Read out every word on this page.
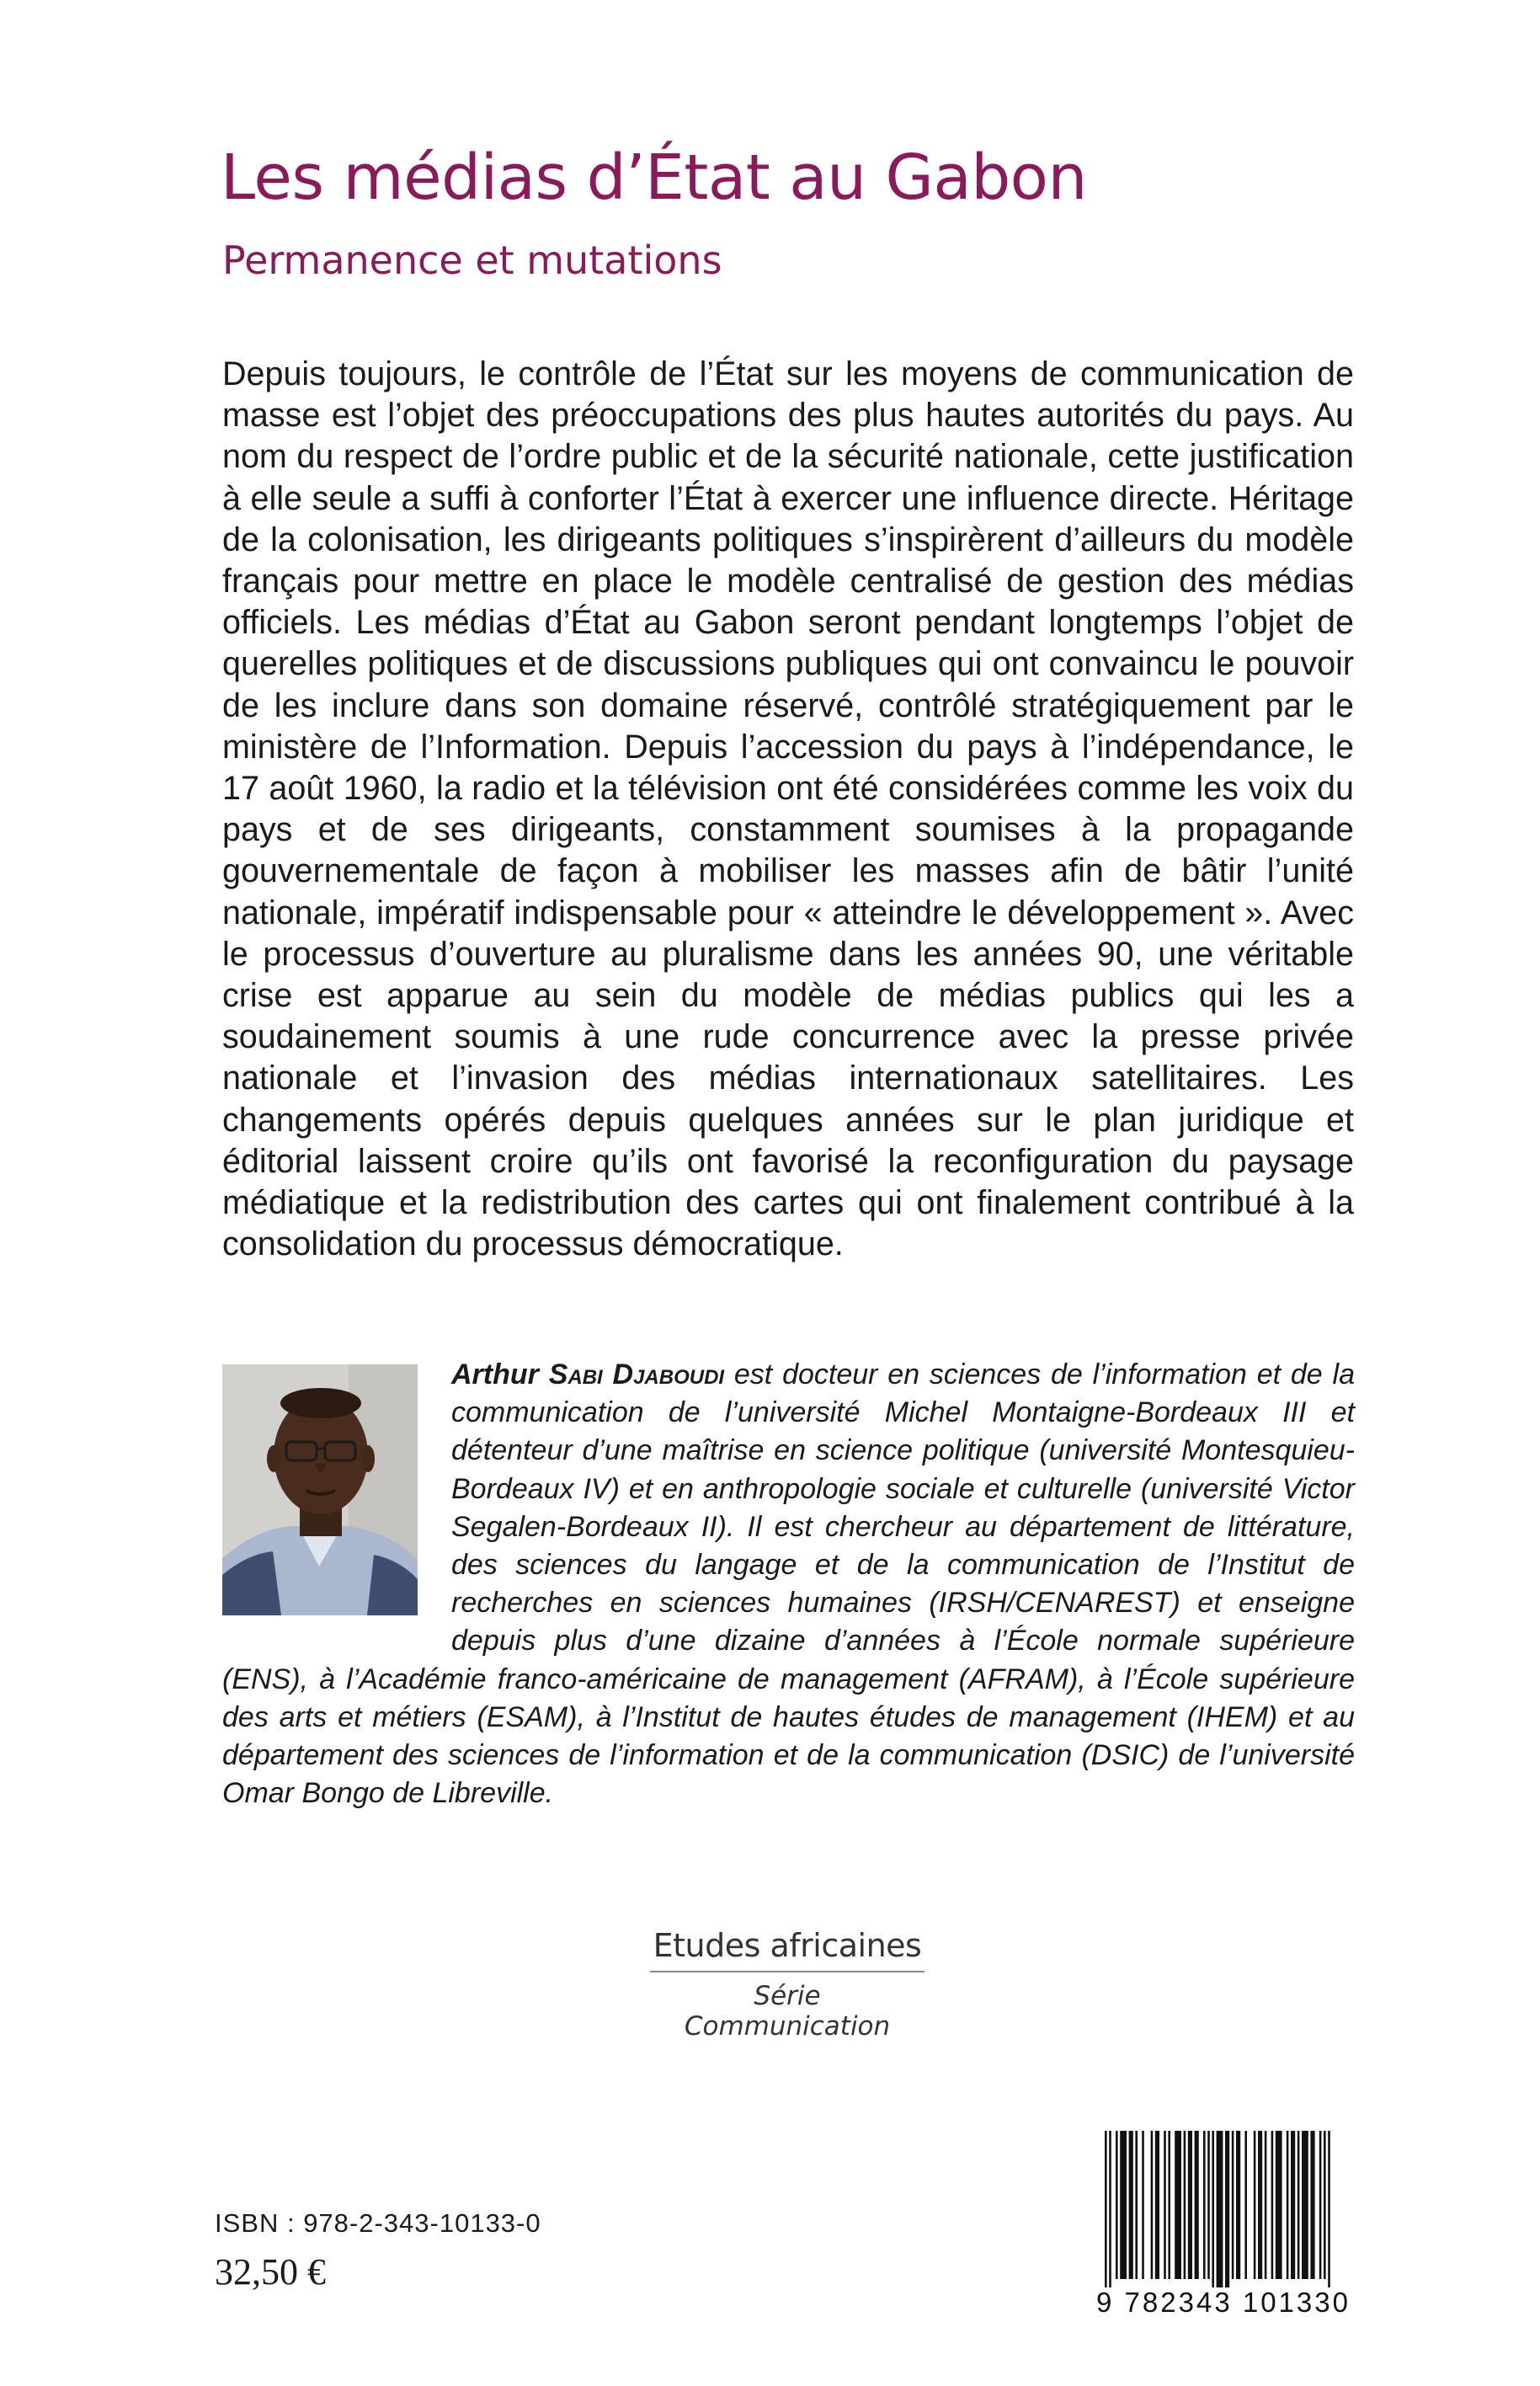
Les médias d’État au Gabon
Permanence et mutations

Depuis toujours, le contrôle de l’État sur les moyens de communication de masse est l’objet des préoccupations des plus hautes autorités du pays. Au nom du respect de l’ordre public et de la sécurité nationale, cette justification à elle seule a suffi à conforter l’État à exercer une influence directe. Héritage de la colonisation, les dirigeants politiques s’inspirèrent d’ailleurs du modèle français pour mettre en place le modèle centralisé de gestion des médias officiels. Les médias d’État au Gabon seront pendant longtemps l’objet de querelles politiques et de discussions publiques qui ont convaincu le pouvoir de les inclure dans son domaine réservé, contrôlé stratégiquement par le ministère de l’Information. Depuis l’accession du pays à l’indépendance, le 17 août 1960, la radio et la télévision ont été considérées comme les voix du pays et de ses dirigeants, constamment soumises à la propagande gouvernementale de façon à mobiliser les masses afin de bâtir l’unité nationale, impératif indispensable pour « atteindre le développement ». Avec le processus d’ouverture au pluralisme dans les années 90, une véritable crise est apparue au sein du modèle de médias publics qui les a soudainement soumis à une rude concurrence avec la presse privée nationale et l’invasion des médias internationaux satellitaires. Les changements opérés depuis quelques années sur le plan juridique et éditorial laissent croire qu’ils ont favorisé la reconfiguration du paysage médiatique et la redistribution des cartes qui ont finalement contribué à la consolidation du processus démocratique.

Arthur Sabi Djaboudi est docteur en sciences de l’information et de la communication de l’université Michel Montaigne-Bordeaux III et détenteur d’une maîtrise en science politique (université Montesquieu-Bordeaux IV) et en anthropologie sociale et culturelle (université Victor Segalen-Bordeaux II). Il est chercheur au département de littérature, des sciences du langage et de la communication de l’Institut de recherches en sciences humaines (IRSH/CENAREST) et enseigne depuis plus d’une dizaine d’années à l’École normale supérieure (ENS), à l’Académie franco-américaine de management (AFRAM), à l’École supérieure des arts et métiers (ESAM), à l’Institut de hautes études de management (IHEM) et au département des sciences de l’information et de la communication (DSIC) de l’université Omar Bongo de Libreville.

Etudes africaines
Série Communication
ISBN : 978-2-343-10133-0
32,50 €
9 782343 101330
